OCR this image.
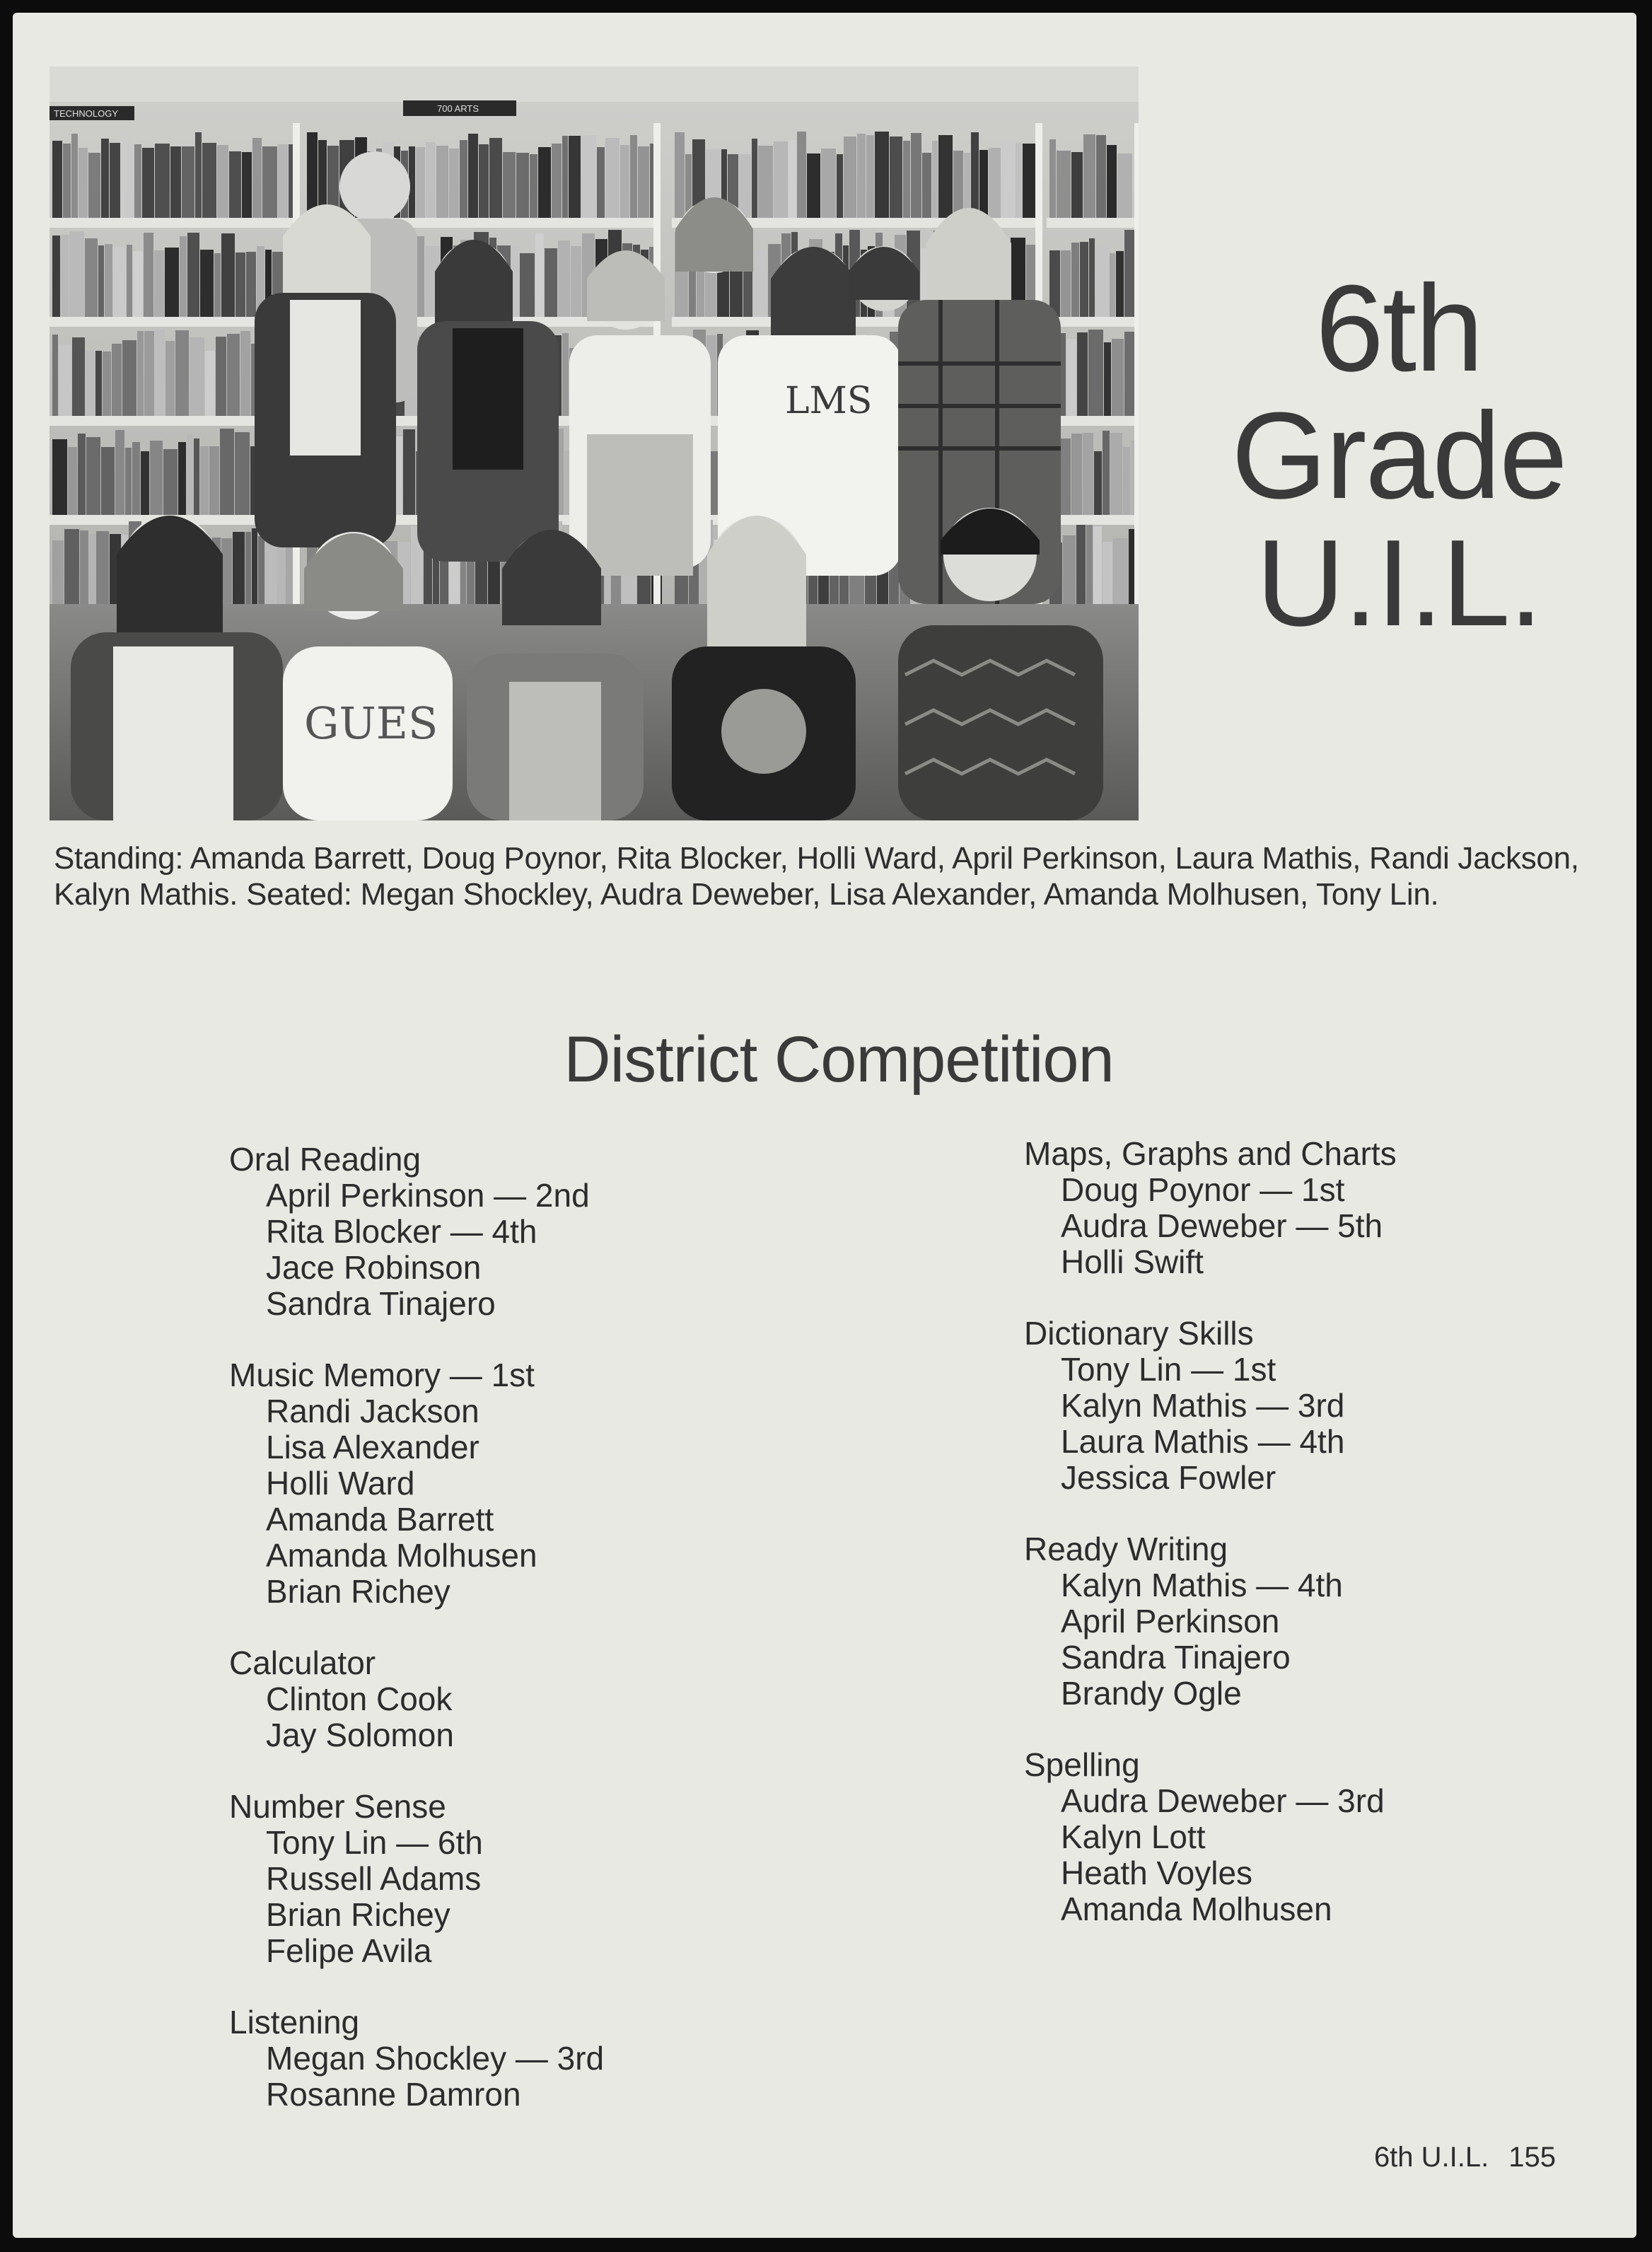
TECHNOLOGY	700 ARTS
LMS
GUES
6th
Grade
U.I.L.
Standing: Amanda Barrett, Doug Poynor, Rita Blocker, Holli Ward, April Perkinson, Laura Mathis, Randi Jackson, Kalyn Mathis. Seated: Megan Shockley, Audra Deweber, Lisa Alexander, Amanda Molhusen, Tony Lin.
District Competition
Oral Reading
April Perkinson — 2nd
Rita Blocker — 4th
Jace Robinson
Sandra Tinajero
Music Memory — 1st
Randi Jackson
Lisa Alexander
Holli Ward
Amanda Barrett
Amanda Molhusen
Brian Richey
Calculator
Clinton Cook
Jay Solomon
Number Sense
Tony Lin — 6th
Russell Adams
Brian Richey
Felipe Avila
Listening
Megan Shockley — 3rd
Rosanne Damron
Maps, Graphs and Charts
Doug Poynor — 1st
Audra Deweber — 5th
Holli Swift
Dictionary Skills
Tony Lin — 1st
Kalyn Mathis — 3rd
Laura Mathis — 4th
Jessica Fowler
Ready Writing
Kalyn Mathis — 4th
April Perkinson
Sandra Tinajero
Brandy Ogle
Spelling
Audra Deweber — 3rd
Kalyn Lott
Heath Voyles
Amanda Molhusen
6th U.I.L. 155
